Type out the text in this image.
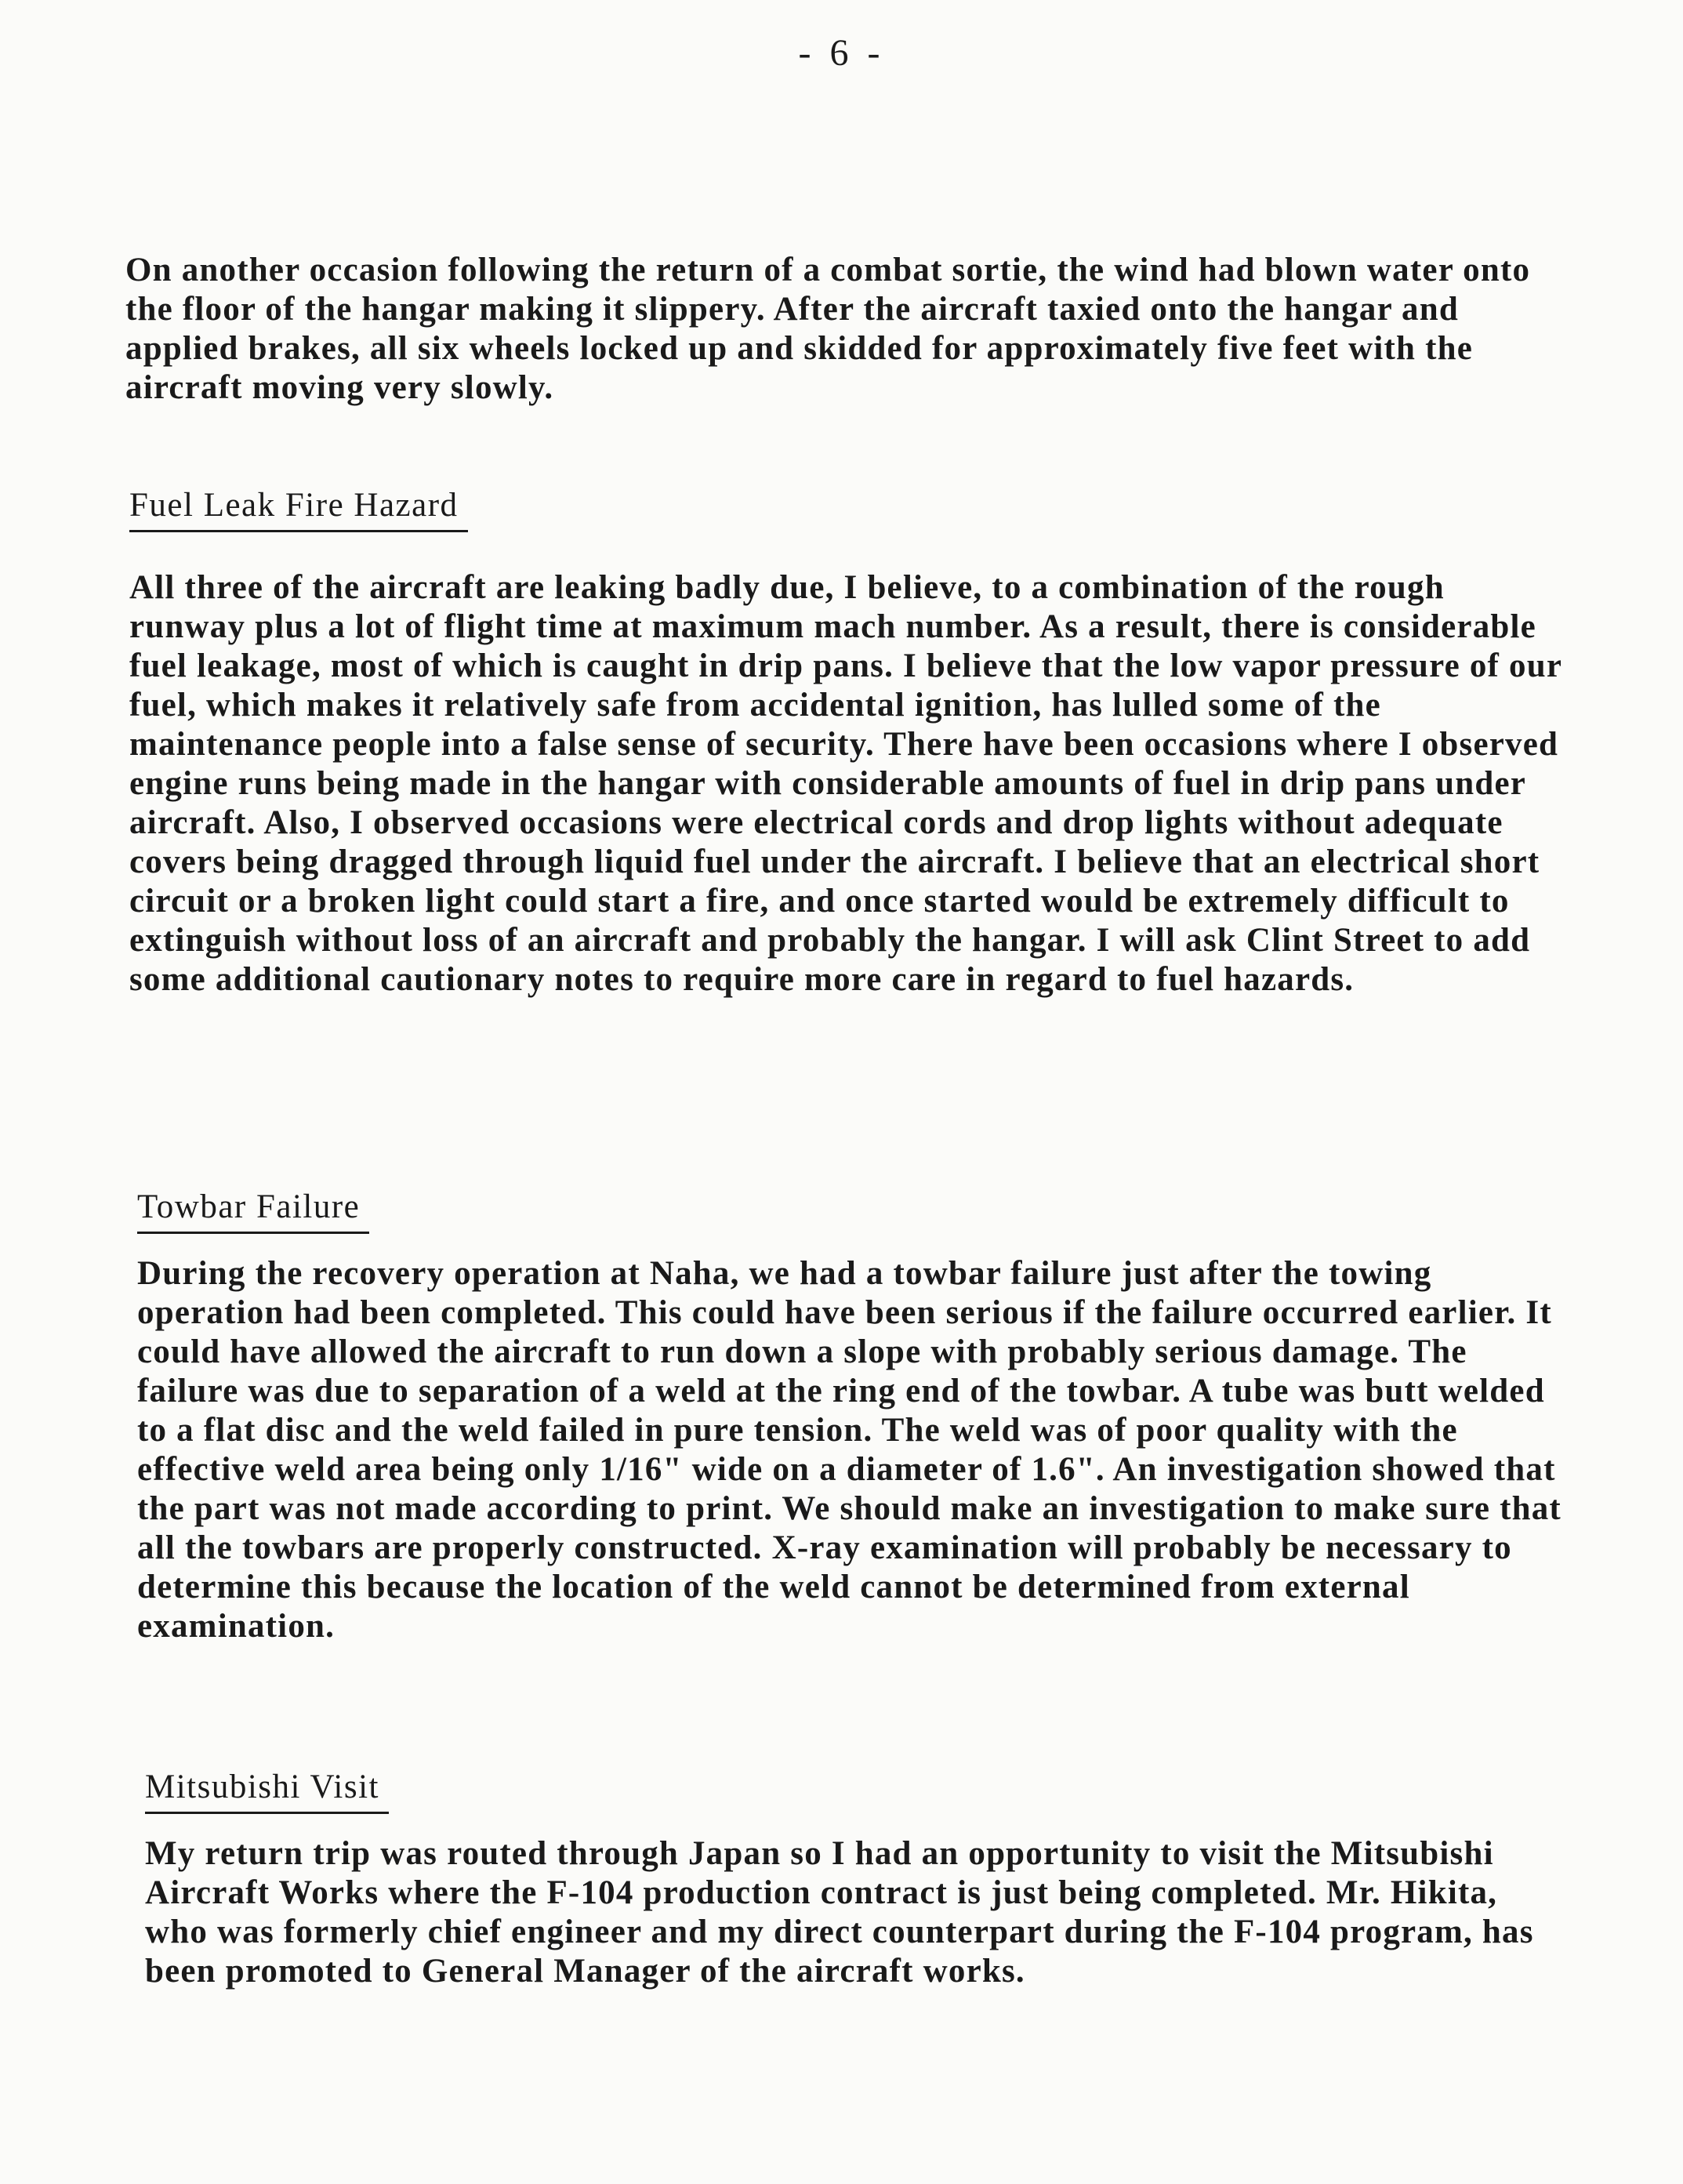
- 6 -

On another occasion following the return of a combat sortie, the wind had blown water onto the floor of the hangar making it slippery. After the aircraft taxied onto the hangar and applied brakes, all six wheels locked up and skidded for approximately five feet with the aircraft moving very slowly.

Fuel Leak Fire Hazard

All three of the aircraft are leaking badly due, I believe, to a combination of the rough runway plus a lot of flight time at maximum mach number. As a result, there is considerable fuel leakage, most of which is caught in drip pans. I believe that the low vapor pressure of our fuel, which makes it relatively safe from accidental ignition, has lulled some of the maintenance people into a false sense of security. There have been occasions where I observed engine runs being made in the hangar with considerable amounts of fuel in drip pans under aircraft. Also, I observed occasions were electrical cords and drop lights without adequate covers being dragged through liquid fuel under the aircraft. I believe that an electrical short circuit or a broken light could start a fire, and once started would be extremely difficult to extinguish without loss of an aircraft and probably the hangar. I will ask Clint Street to add some additional cautionary notes to require more care in regard to fuel hazards.

Towbar Failure

During the recovery operation at Naha, we had a towbar failure just after the towing operation had been completed. This could have been serious if the failure occurred earlier. It could have allowed the aircraft to run down a slope with probably serious damage. The failure was due to separation of a weld at the ring end of the towbar. A tube was butt welded to a flat disc and the weld failed in pure tension. The weld was of poor quality with the effective weld area being only 1/16" wide on a diameter of 1.6". An investigation showed that the part was not made according to print. We should make an investigation to make sure that all the towbars are properly constructed. X-ray examination will probably be necessary to determine this because the location of the weld cannot be determined from external examination.

Mitsubishi Visit

My return trip was routed through Japan so I had an opportunity to visit the Mitsubishi Aircraft Works where the F-104 production contract is just being completed. Mr. Hikita, who was formerly chief engineer and my direct counterpart during the F-104 program, has been promoted to General Manager of the aircraft works.
